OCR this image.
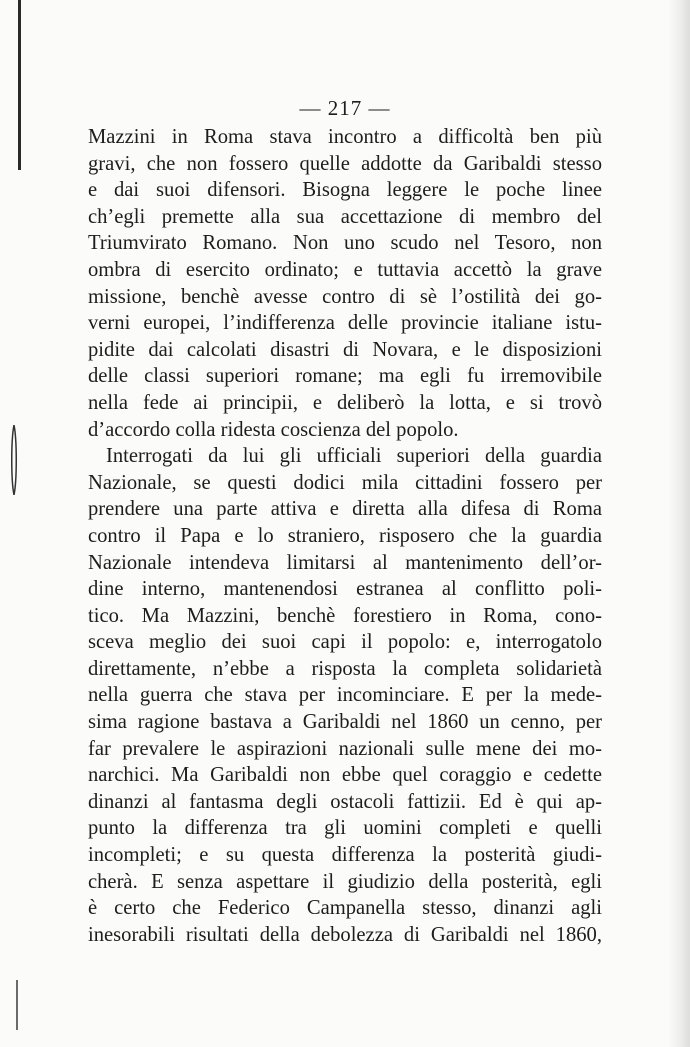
— 217 —
Mazzini in Roma stava incontro a difficoltà ben più
gravi, che non fossero quelle addotte da Garibaldi stesso
e dai suoi difensori. Bisogna leggere le poche linee
ch’egli premette alla sua accettazione di membro del
Triumvirato Romano. Non uno scudo nel Tesoro, non
ombra di esercito ordinato; e tuttavia accettò la grave
missione, benchè avesse contro di sè l’ostilità dei go-
verni europei, l’indifferenza delle provincie italiane istu-
pidite dai calcolati disastri di Novara, e le disposizioni
delle classi superiori romane; ma egli fu irremovibile
nella fede ai principii, e deliberò la lotta, e si trovò
d’accordo colla ridesta coscienza del popolo.
Interrogati da lui gli ufficiali superiori della guardia
Nazionale, se questi dodici mila cittadini fossero per
prendere una parte attiva e diretta alla difesa di Roma
contro il Papa e lo straniero, risposero che la guardia
Nazionale intendeva limitarsi al mantenimento dell’or-
dine interno, mantenendosi estranea al conflitto poli-
tico. Ma Mazzini, benchè forestiero in Roma, cono-
sceva meglio dei suoi capi il popolo: e, interrogatolo
direttamente, n’ebbe a risposta la completa solidarietà
nella guerra che stava per incominciare. E per la mede-
sima ragione bastava a Garibaldi nel 1860 un cenno, per
far prevalere le aspirazioni nazionali sulle mene dei mo-
narchici. Ma Garibaldi non ebbe quel coraggio e cedette
dinanzi al fantasma degli ostacoli fattizii. Ed è qui ap-
punto la differenza tra gli uomini completi e quelli
incompleti; e su questa differenza la posterità giudi-
cherà. E senza aspettare il giudizio della posterità, egli
è certo che Federico Campanella stesso, dinanzi agli
inesorabili risultati della debolezza di Garibaldi nel 1860,
